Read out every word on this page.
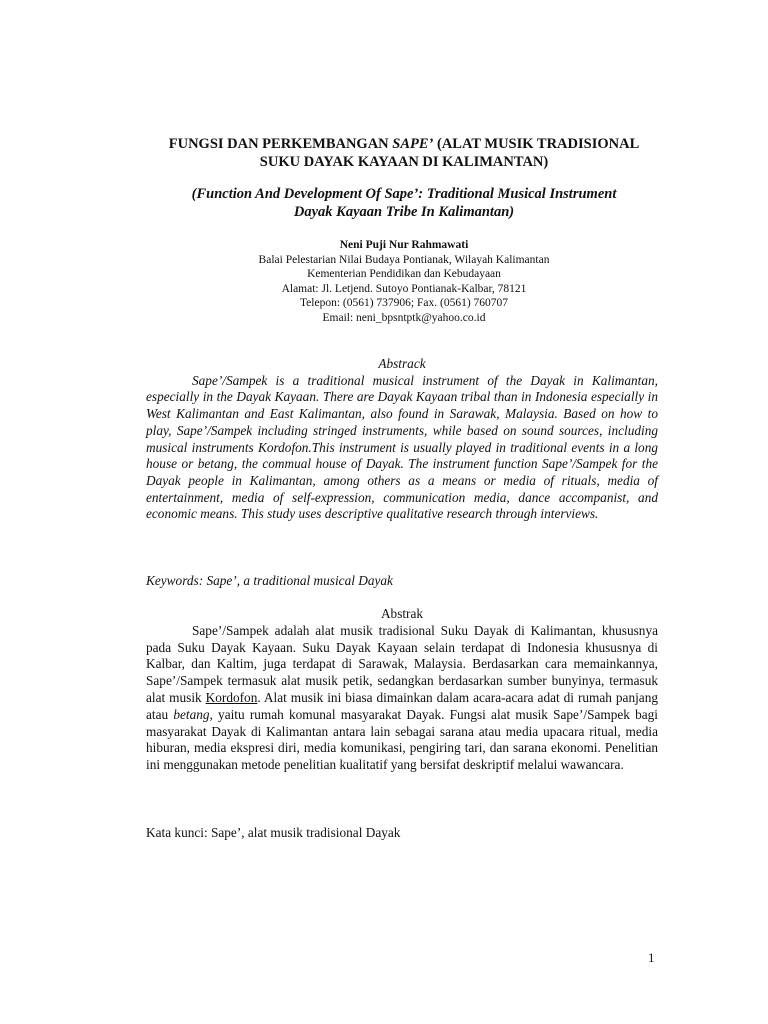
FUNGSI DAN PERKEMBANGAN SAPE’ (ALAT MUSIK TRADISIONAL
SUKU DAYAK KAYAAN DI KALIMANTAN)
(Function And Development Of Sape’: Traditional Musical Instrument
Dayak Kayaan Tribe In Kalimantan)
Neni Puji Nur Rahmawati
Balai Pelestarian Nilai Budaya Pontianak, Wilayah Kalimantan
Kementerian Pendidikan dan Kebudayaan
Alamat: Jl. Letjend. Sutoyo Pontianak-Kalbar, 78121
Telepon: (0561) 737906; Fax. (0561) 760707
Email: neni_bpsntptk@yahoo.co.id
Abstrack

Sape’/Sampek is a traditional musical instrument of the Dayak in Kalimantan, especially in the Dayak Kayaan. There are Dayak Kayaan tribal than in Indonesia especially in West Kalimantan and East Kalimantan, also found in Sarawak, Malaysia. Based on how to play, Sape’/Sampek including stringed instruments, while based on sound sources, including musical instruments Kordofon.This instrument is usually played in traditional events in a long house or betang, the commual house of Dayak. The instrument function Sape’/Sampek for the Dayak people in Kalimantan, among others as a means or media of rituals, media of entertainment, media of self-expression, communication media, dance accompanist, and economic means. This study uses descriptive qualitative research through interviews.

Keywords: Sape’, a traditional musical Dayak
Abstrak

Sape’/Sampek adalah alat musik tradisional Suku Dayak di Kalimantan, khususnya pada Suku Dayak Kayaan. Suku Dayak Kayaan selain terdapat di Indonesia khususnya di Kalbar, dan Kaltim, juga terdapat di Sarawak, Malaysia. Berdasarkan cara memainkannya, Sape’/Sampek termasuk alat musik petik, sedangkan berdasarkan sumber bunyinya, termasuk alat musik Kordofon. Alat musik ini biasa dimainkan dalam acara-acara adat di rumah panjang atau betang, yaitu rumah komunal masyarakat Dayak. Fungsi alat musik Sape’/Sampek bagi masyarakat Dayak di Kalimantan antara lain sebagai sarana atau media upacara ritual, media hiburan, media ekspresi diri, media komunikasi, pengiring tari, dan sarana ekonomi. Penelitian ini menggunakan metode penelitian kualitatif yang bersifat deskriptif melalui wawancara.

Kata kunci: Sape’, alat musik tradisional Dayak
1
